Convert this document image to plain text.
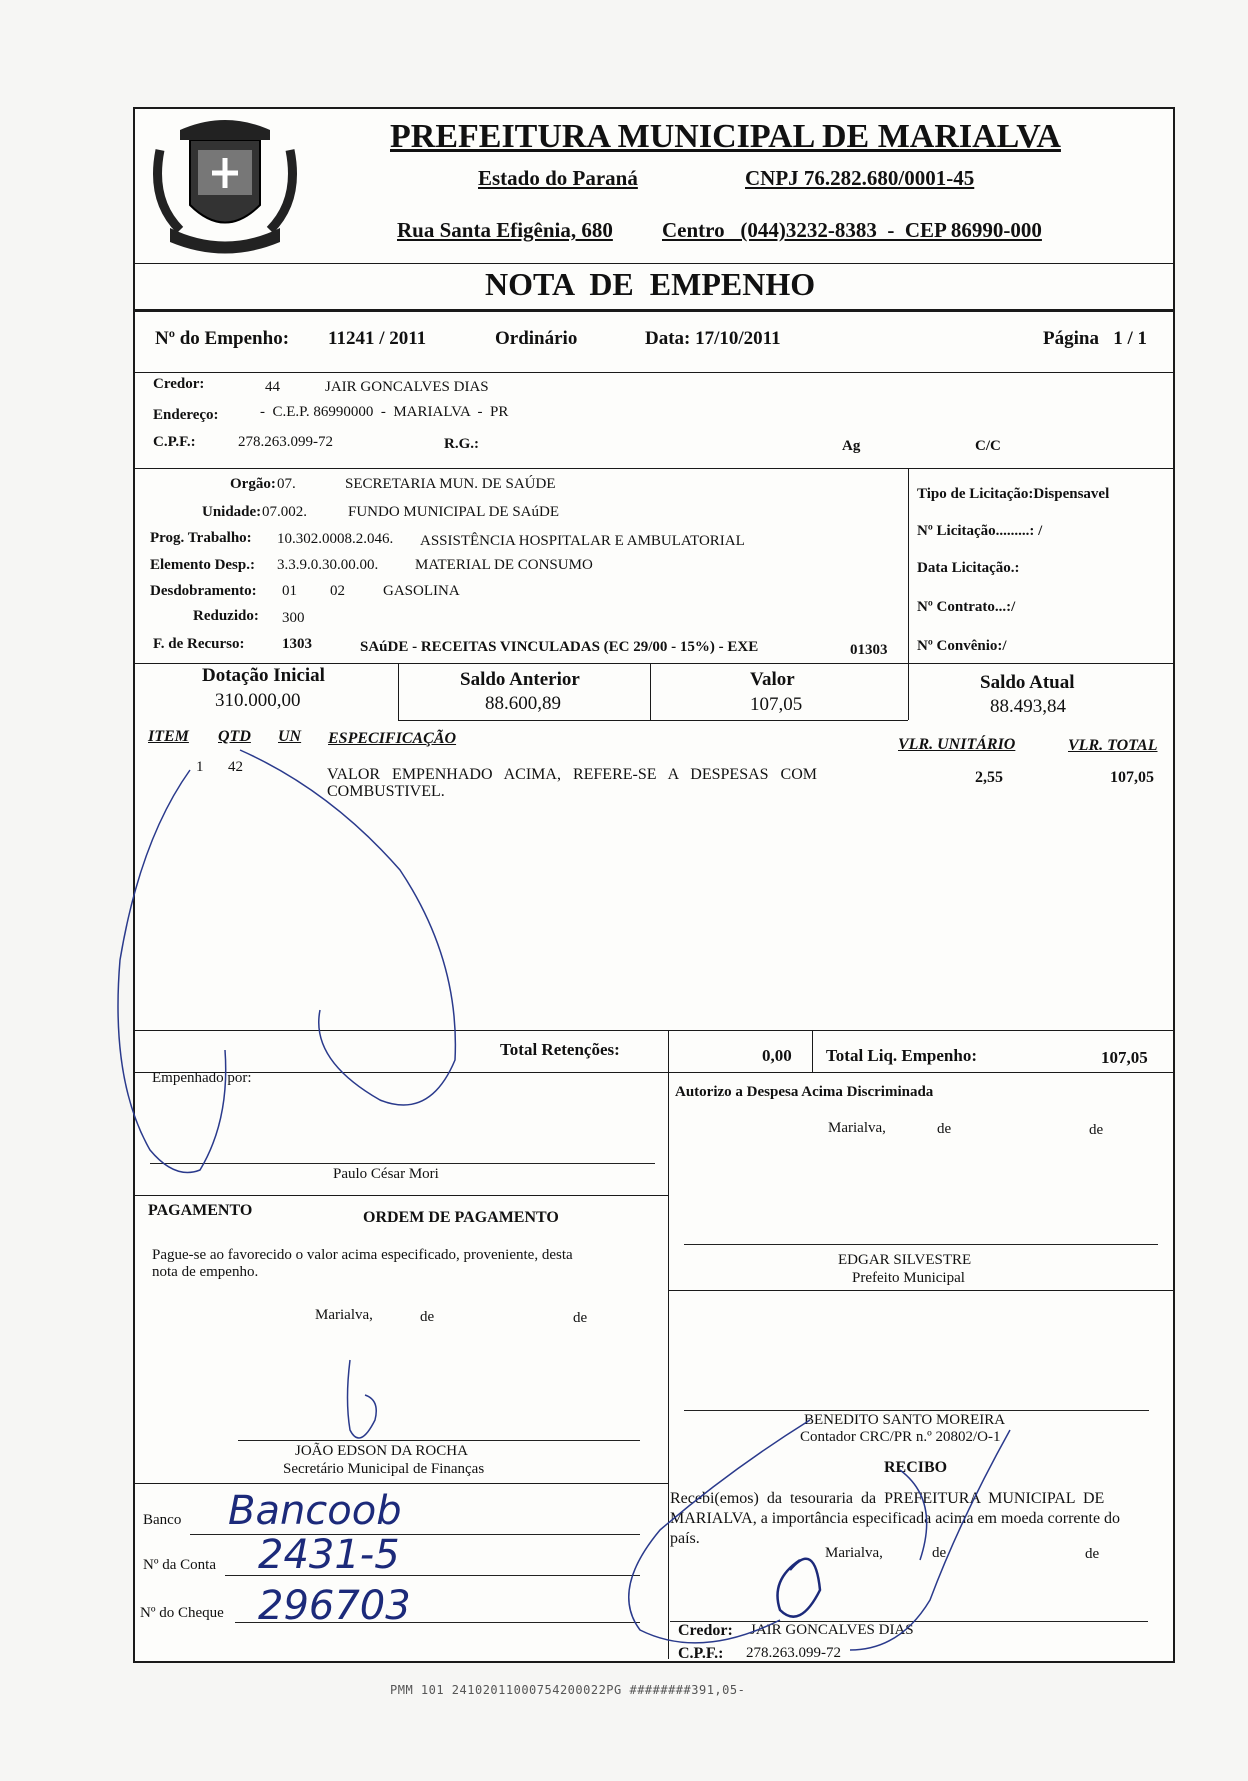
PREFEITURA MUNICIPAL DE MARIALVA
Estado do Paraná	CNPJ 76.282.680/0001-45
Rua Santa Efigênia, 680 Centro   (044)3232-8383  -  CEP 86990-000
NOTA  DE  EMPENHO
Nº do Empenho: 11241 / 2011	Ordinário	Data: 17/10/2011	Página   1 / 1
Credor:	44	JAIR GONCALVES DIAS
Endereço:	-  C.E.P. 86990000  -  MARIALVA  -  PR
C.P.F.:	278.263.099-72	R.G.:	Ag	C/C
Orgão: 07.	SECRETARIA MUN. DE SAÚDE
Unidade: 07.002.	FUNDO MUNICIPAL DE SAúDE
Prog. Trabalho: 10.302.0008.2.046. ASSISTÊNCIA HOSPITALAR E AMBULATORIAL
Elemento Desp.: 3.3.9.0.30.00.00. MATERIAL DE CONSUMO
Desdobramento: 01 02	GASOLINA
Reduzido: 300
F. de Recurso: 1303	SAúDE - RECEITAS VINCULADAS (EC 29/00 - 15%) - EXE	01303
Tipo de Licitação:Dispensavel
Nº Licitação.........: /
Data Licitação.:
Nº Contrato...:/
Nº Convênio:/
Dotação Inicial
310.000,00
Saldo Anterior
88.600,89
Valor
107,05
Saldo Atual
88.493,84
ITEM QTD UN ESPECIFICAÇÃO	VLR. UNITÁRIO	VLR. TOTAL
1 42	VALOR   EMPENHADO   ACIMA,   REFERE-SE   A   DESPESAS   COM
COMBUSTIVEL.
2,55	107,05
Total Retenções:	0,00 Total Liq. Empenho:	107,05
Empenhado por:
Paulo César Mori
Autorizo a Despesa Acima Discriminada
Marialva,	de	de
EDGAR SILVESTRE
Prefeito Municipal
PAGAMENTO	ORDEM DE PAGAMENTO
Pague-se ao favorecido o valor acima especificado, proveniente, desta
nota de empenho.
Marialva,	de	de
JOÃO EDSON DA ROCHA
Secretário Municipal de Finanças
BENEDITO SANTO MOREIRA
Contador CRC/PR n.º 20802/O-1
Banco Bancoob
Nº da Conta 2431-5
Nº do Cheque 296703
RECIBO
Recebi(emos)  da  tesouraria  da  PREFEITURA  MUNICIPAL  DE
MARIALVA, a importância especificada acima em moeda corrente do
país.
Marialva,	de	de
Credor: JAIR GONCALVES DIAS
C.P.F.: 278.263.099-72
PMM 101 24102011000754200022PG ########391,05-
